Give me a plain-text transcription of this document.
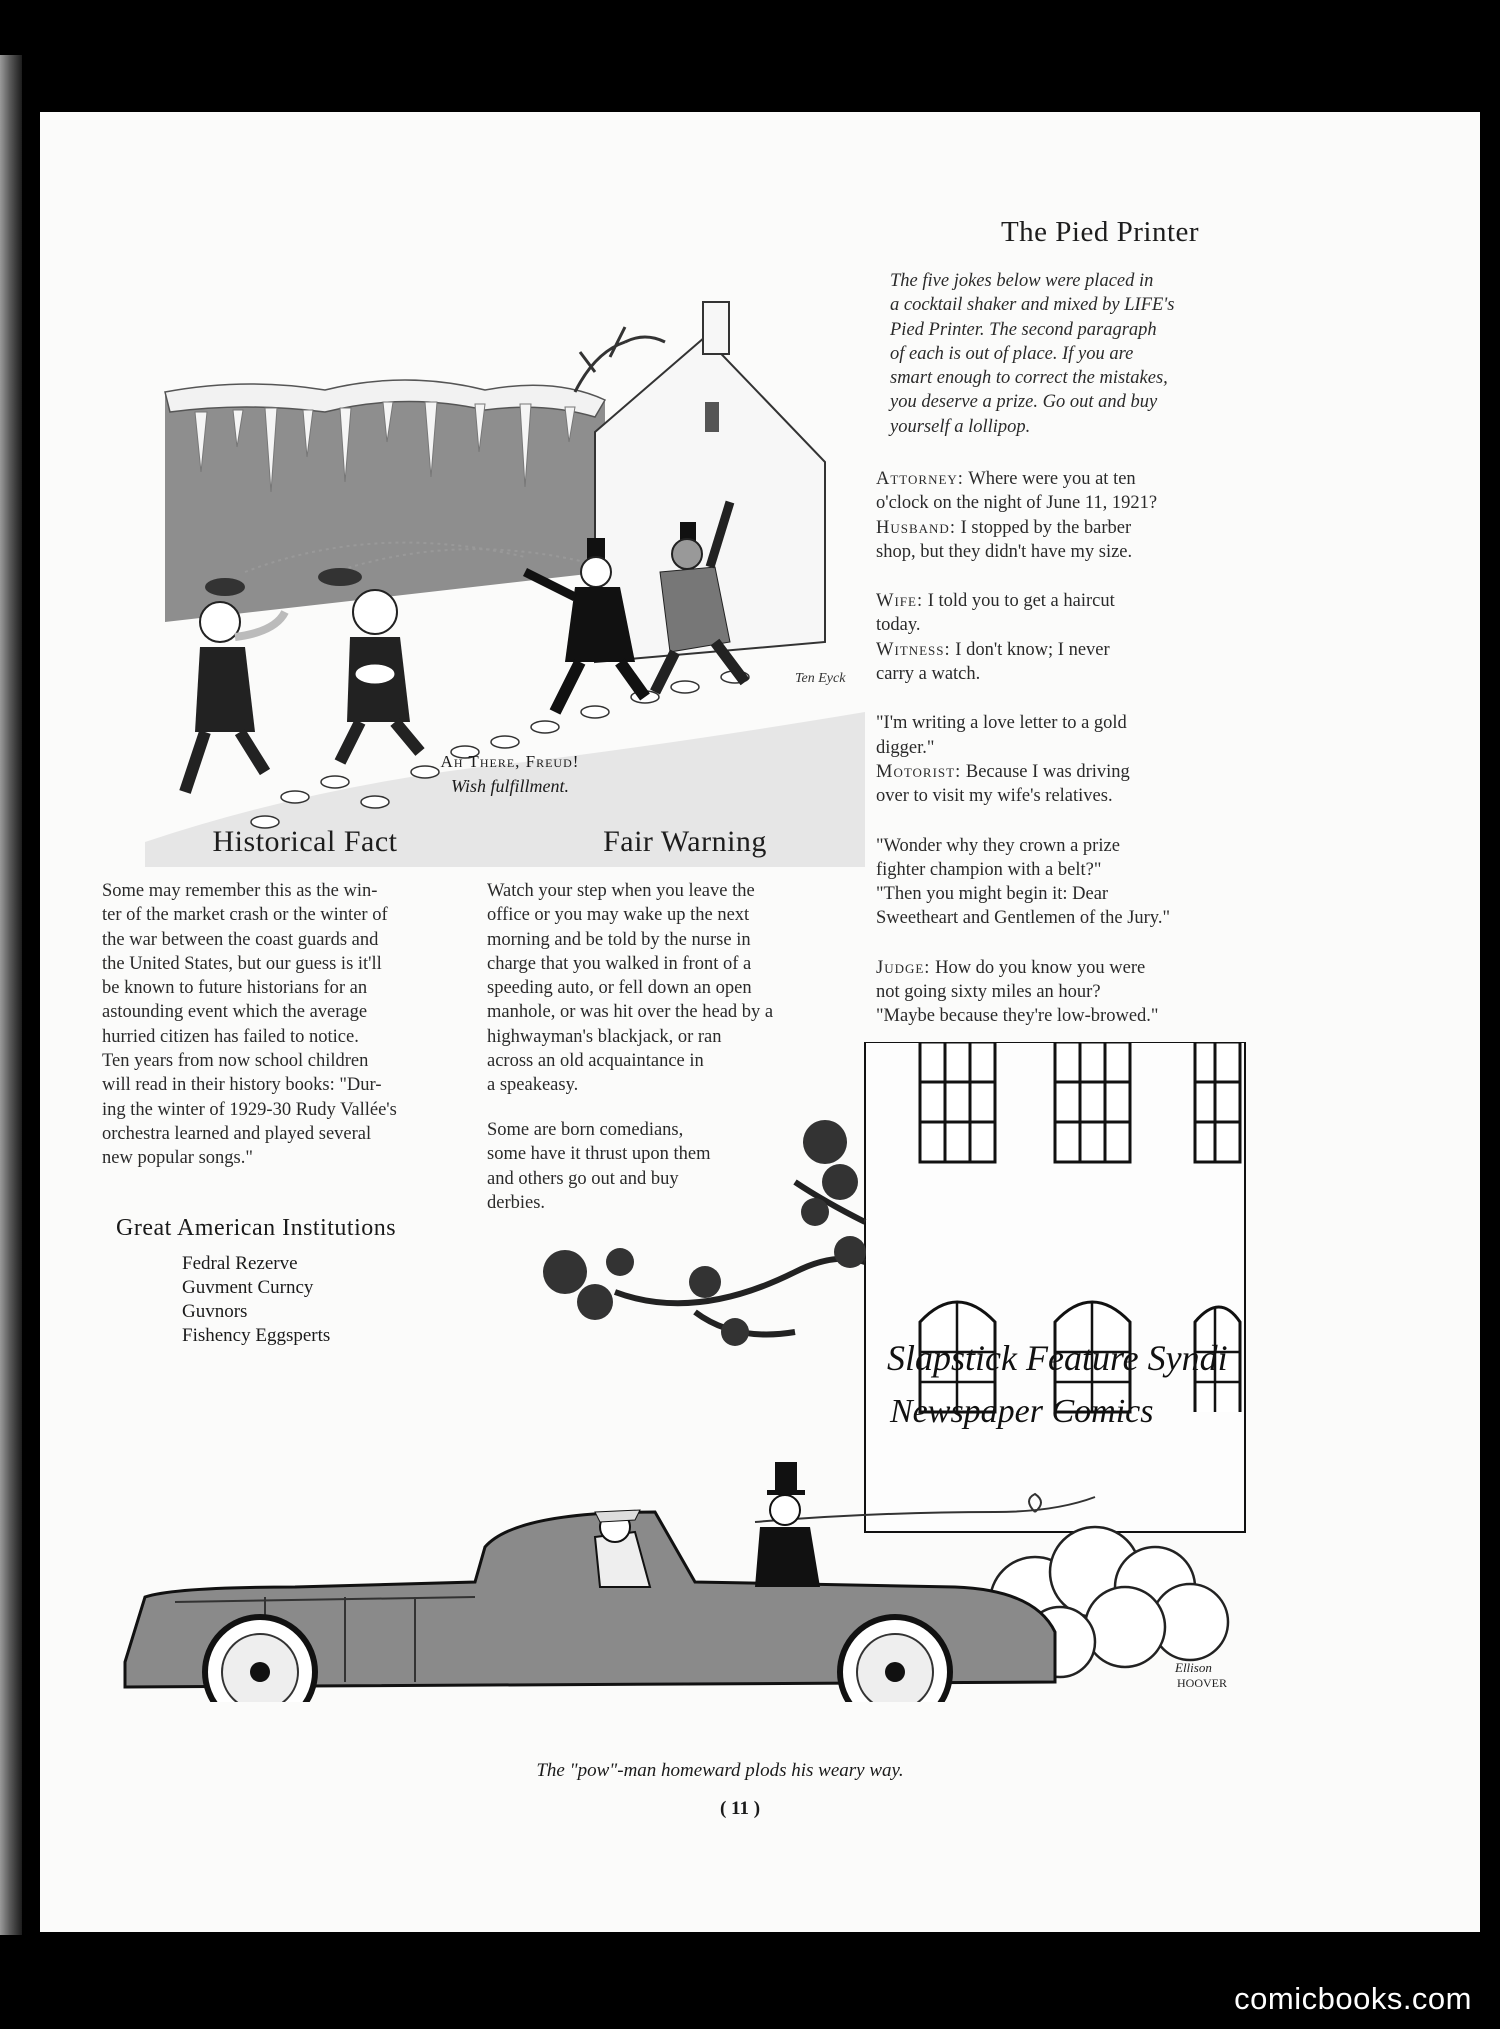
Ten Eyck
Ah There, Freud!
Wish fulfillment.
The Pied Printer
The five jokes below were placed in
a cocktail shaker and mixed by LIFE's
Pied Printer. The second paragraph
of each is out of place. If you are
smart enough to correct the mistakes,
you deserve a prize. Go out and buy
yourself a lollipop.

Attorney: Where were you at ten

o'clock on the night of June 11, 1921?

Husband: I stopped by the barber

shop, but they didn't have my size.

Wife: I told you to get a haircut

today.

Witness: I don't know; I never

carry a watch.

"I'm writing a love letter to a gold

digger."

Motorist: Because I was driving

over to visit my wife's relatives.

"Wonder why they crown a prize

fighter champion with a belt?"

"Then you might begin it: Dear

Sweetheart and Gentlemen of the Jury."

Judge: How do you know you were

not going sixty miles an hour?

"Maybe because they're low-browed."

Historical Fact
Some may remember this as the win-
ter of the market crash or the winter of
the war between the coast guards and
the United States, but our guess is it'll
be known to future historians for an
astounding event which the average
hurried citizen has failed to notice.
Ten years from now school children
will read in their history books: "Dur-
ing the winter of 1929-30 Rudy Vallée's
orchestra learned and played several
new popular songs."
Fair Warning
Watch your step when you leave the
office or you may wake up the next
morning and be told by the nurse in
charge that you walked in front of a
speeding auto, or fell down an open
manhole, or was hit over the head by a
highwayman's blackjack, or ran
across an old acquaintance in
a speakeasy.
Some are born comedians,
some have it thrust upon them
and others go out and buy
derbies.
Great American Institutions
Fedral Rezerve
Guvment Curncy
Guvnors
Fishency Eggsperts
Slapstick Feature Syndi
Newspaper Comics
Ellison
HOOVER
The "pow"-man homeward plods his weary way.
( 11 )
comicbooks.com
